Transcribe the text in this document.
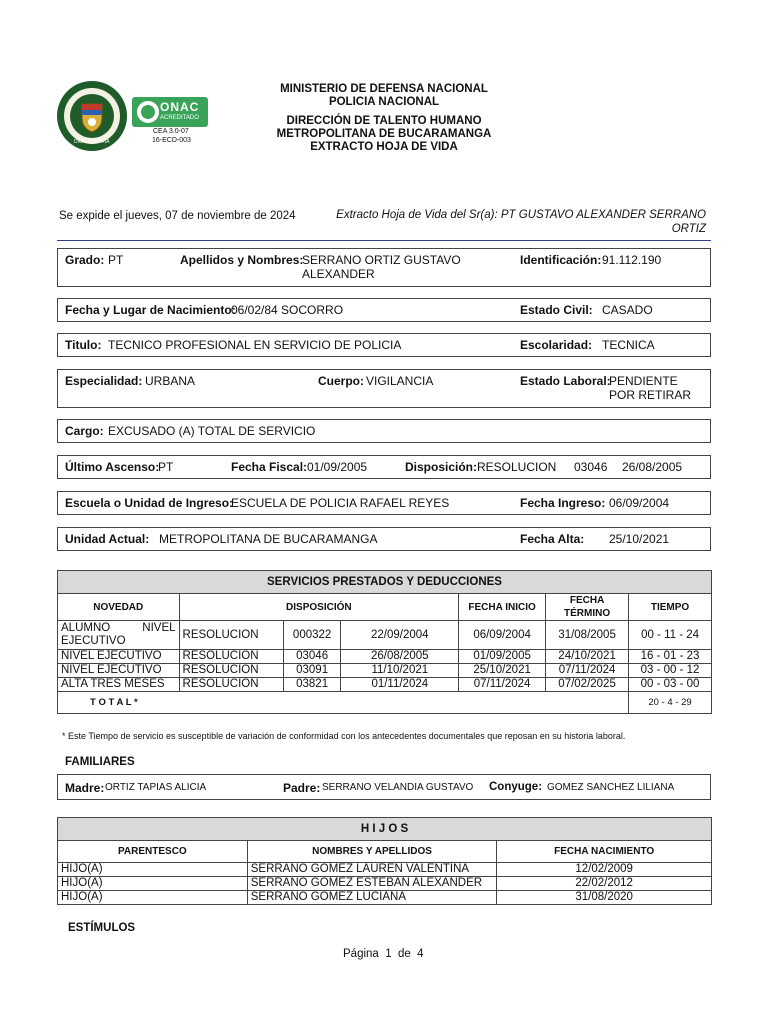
DIOS Y PATRIA
ONAC
ACREDITADO
CEA 3.0-07
16-ECD-003
MINISTERIO DE DEFENSA NACIONAL
POLICIA NACIONAL
DIRECCIÓN DE TALENTO HUMANO
METROPOLITANA DE BUCARAMANGA
EXTRACTO HOJA DE VIDA
Se expide el jueves, 07 de noviembre de 2024	Extracto Hoja de Vida del Sr(a): PT GUSTAVO ALEXANDER SERRANO
ORTIZ
Grado: PT	Apellidos y Nombres:
SERRANO ORTIZ GUSTAVO
ALEXANDER
Identificación: 91.112.190
Fecha y Lugar de Nacimiento:
06/02/84 SOCORRO	Estado Civil: CASADO
Titulo: TECNICO PROFESIONAL EN SERVICIO DE POLICIA	Escolaridad: TECNICA
Especialidad: URBANA	Cuerpo: VIGILANCIA	Estado Laboral:
PENDIENTE
POR RETIRAR
Cargo: EXCUSADO (A) TOTAL DE SERVICIO
Último Ascenso:
PT	Fecha Fiscal: 01/09/2005	Disposición: RESOLUCION 03046 26/08/2005
Escuela o Unidad de Ingreso:
ESCUELA DE POLICIA RAFAEL REYES	Fecha Ingreso: 06/09/2004
Unidad Actual: METROPOLITANA DE BUCARAMANGA	Fecha Alta: 25/10/2021
SERVICIOS PRESTADOS Y DEDUCCIONES						
NOVEDAD	DISPOSICIÓN			FECHA INICIO	FECHA TÉRMINO	TIEMPO
ALUMNO NIVEL EJECUTIVO	RESOLUCION	000322	22/09/2004	06/09/2004	31/08/2005	00 - 11 - 24
NIVEL EJECUTIVO	RESOLUCION	03046	26/08/2005	01/09/2005	24/10/2021	16 - 01 - 23
NIVEL EJECUTIVO	RESOLUCION	03091	11/10/2021	25/10/2021	07/11/2024	03 - 00 - 12
ALTA TRES MESES	RESOLUCION	03821	01/11/2024	07/11/2024	07/02/2025	00 - 03 - 00
T O T A L *						20 - 4 - 29
* Este Tiempo de servicio es susceptible de variación de conformidad con los antecedentes documentales que reposan en su historia laboral.
FAMILIARES
Madre: ORTIZ TAPIAS ALICIA	Padre: SERRANO VELANDIA GUSTAVO Conyuge: GOMEZ SANCHEZ LILIANA
H I J O S		
PARENTESCO	NOMBRES Y APELLIDOS	FECHA NACIMIENTO
HIJO(A)	SERRANO GOMEZ LAUREN VALENTINA	12/02/2009
HIJO(A)	SERRANO GOMEZ ESTEBAN ALEXANDER	22/02/2012
HIJO(A)	SERRANO GOMEZ LUCIANA	31/08/2020
ESTÍMULOS
Página  1  de  4
